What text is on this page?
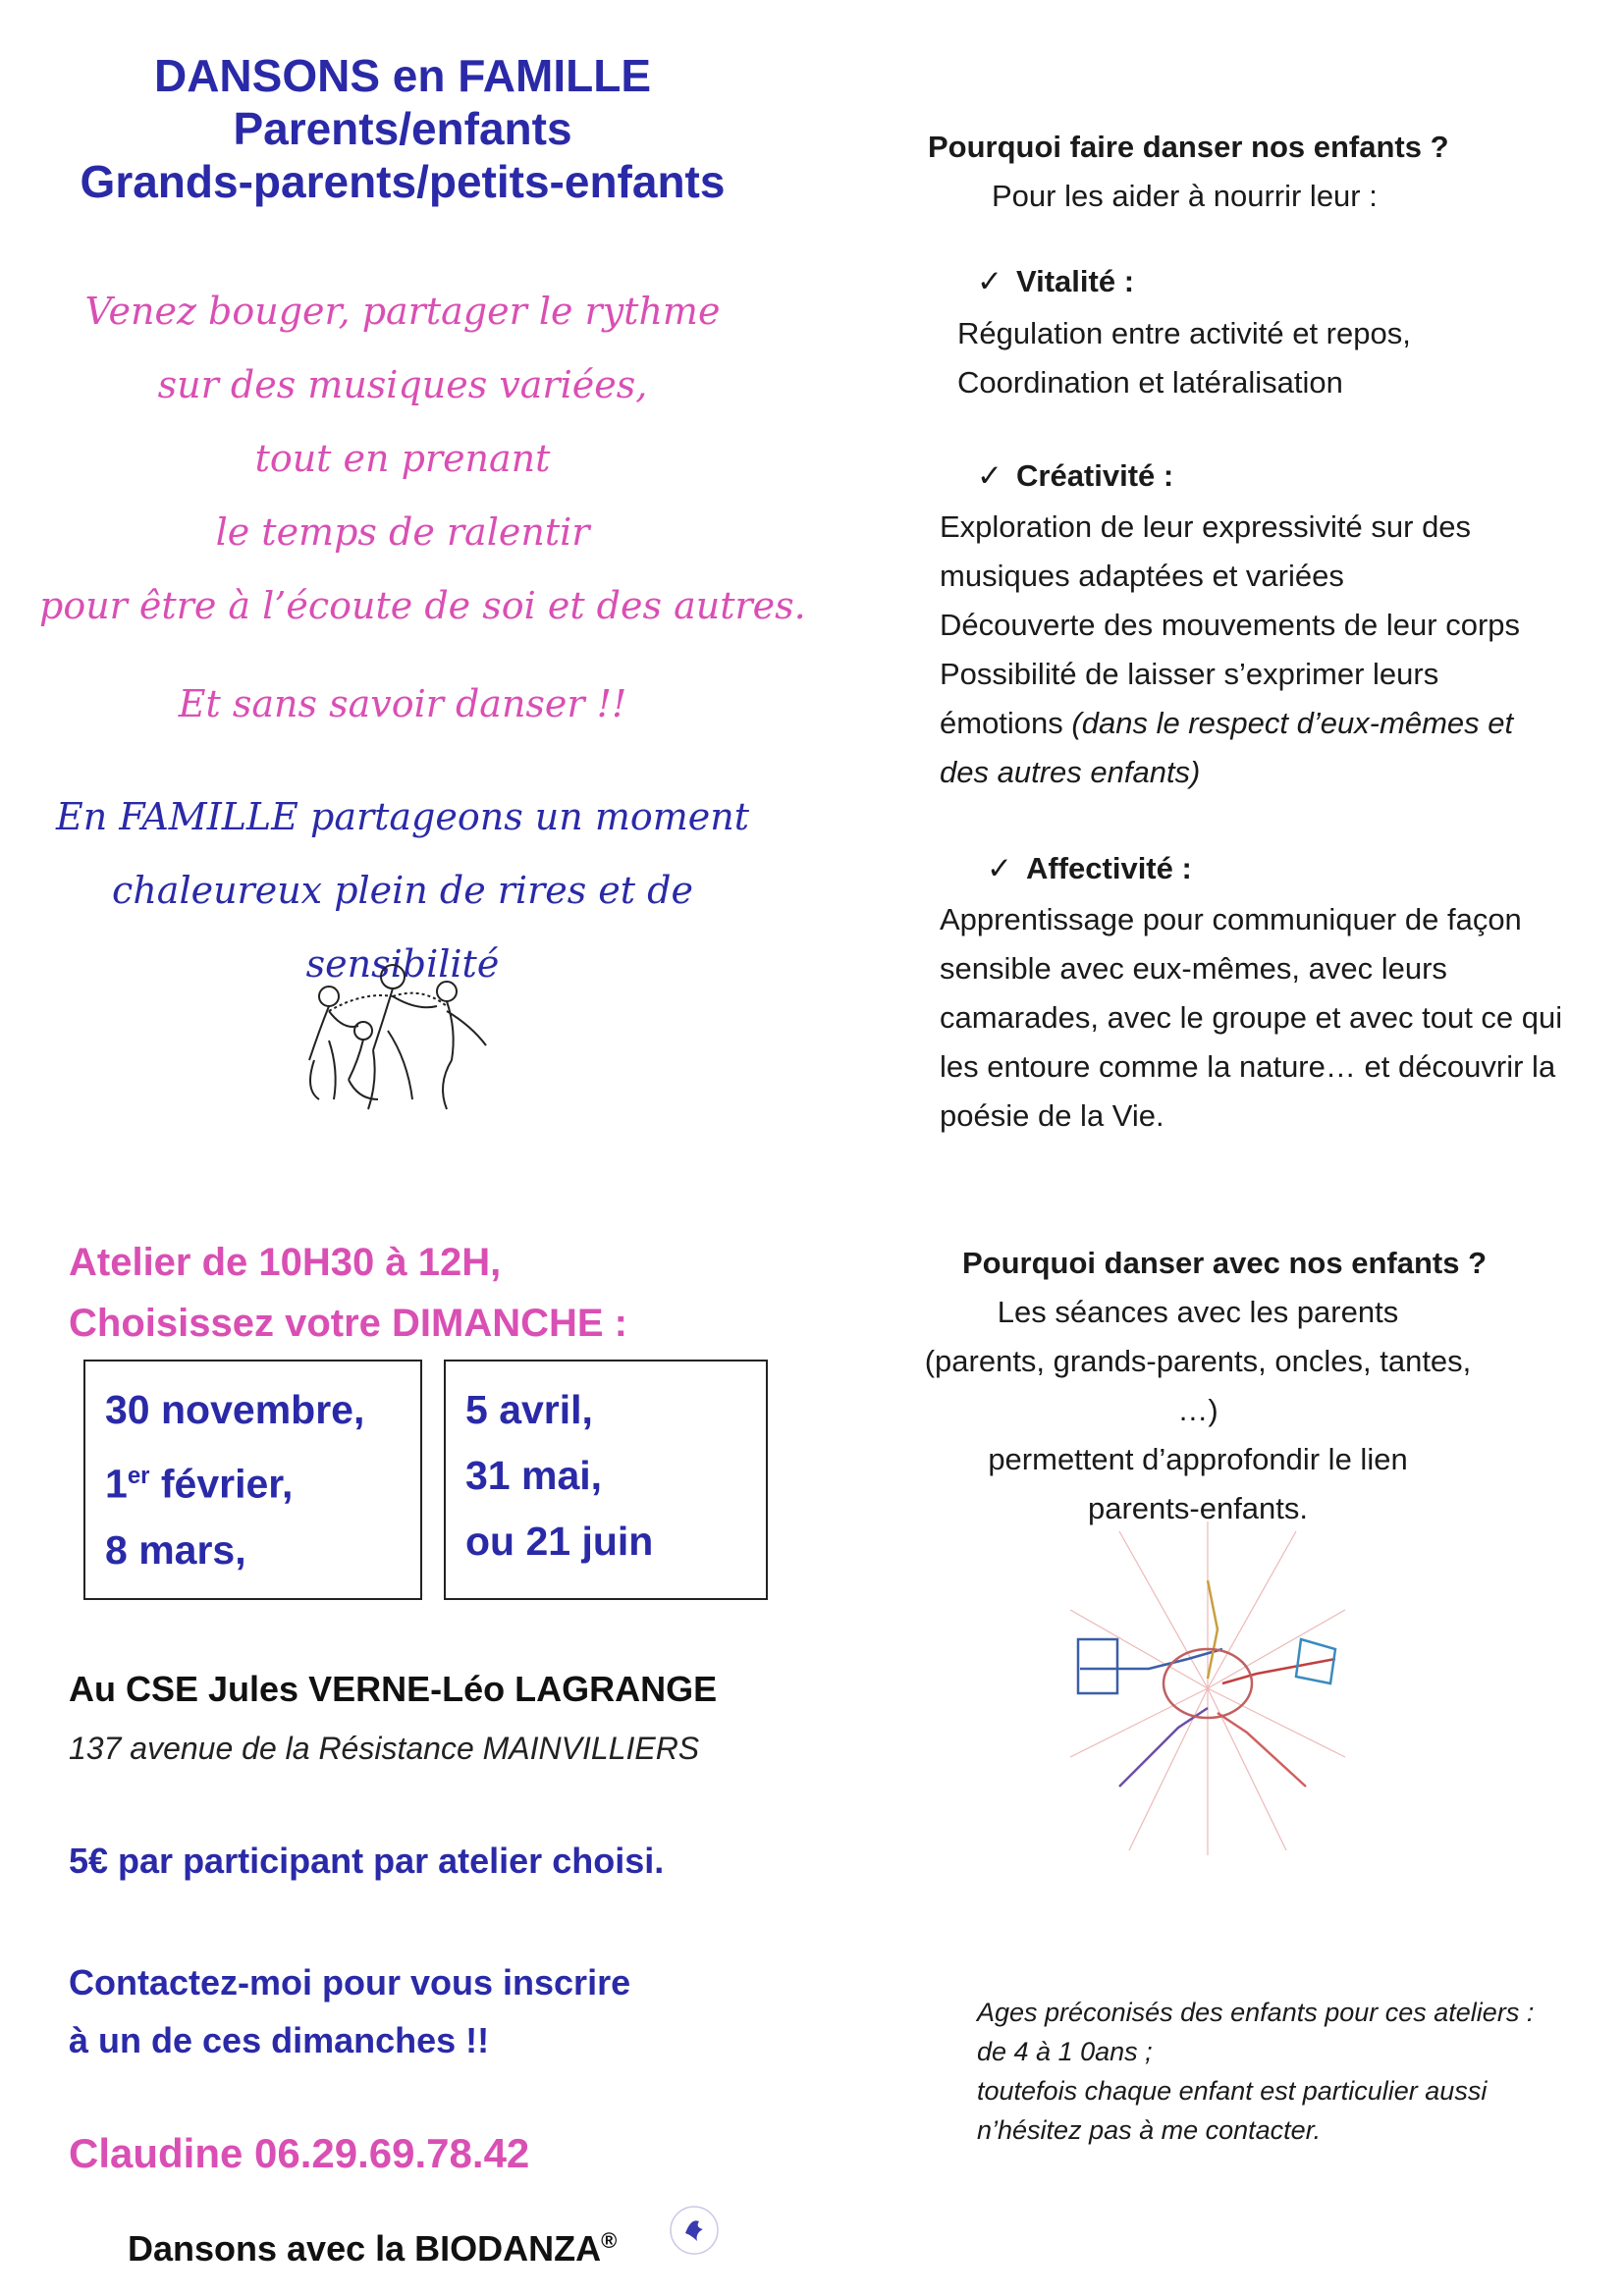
DANSONS en FAMILLE
Parents/enfants
Grands-parents/petits-enfants
Venez bouger, partager le rythme
sur des musiques variées,
tout en prenant
le temps de ralentir
pour être à l’écoute de soi et des autres.
Et sans savoir danser !!
En FAMILLE partageons un moment
chaleureux plein de rires et de sensibilité
Atelier de 10H30 à 12H,
Choisissez votre DIMANCHE :
30 novembre,
1er février,
8 mars,
5 avril,
31 mai,
ou 21 juin
Au CSE Jules VERNE-Léo LAGRANGE
137 avenue de la Résistance MAINVILLIERS
5€ par participant par atelier choisi.
Contactez-moi pour vous inscrire
à un de ces dimanches !!
Claudine 06.29.69.78.42
Dansons avec la BIODANZA®
Pourquoi faire danser nos enfants ?
Pour les aider à nourrir leur :
✓ Vitalité :
Régulation entre activité et repos,
Coordination et latéralisation
✓ Créativité :
Exploration de leur expressivité sur des
musiques adaptées et variées
Découverte des mouvements de leur corps
Possibilité de laisser s’exprimer leurs
émotions (dans le respect d’eux-mêmes et
des autres enfants)
✓ Affectivité :
Apprentissage pour communiquer de façon
sensible avec eux-mêmes, avec leurs
camarades, avec le groupe et avec tout ce qui
les entoure comme la nature… et découvrir la
poésie de la Vie.
Pourquoi danser avec nos enfants ?
Les séances avec les parents
(parents, grands-parents, oncles, tantes, …)
permettent d’approfondir le lien
parents-enfants.
Ages préconisés des enfants pour ces ateliers :
de 4 à 1 0ans ;
toutefois chaque enfant est particulier aussi
n’hésitez pas à me contacter.
